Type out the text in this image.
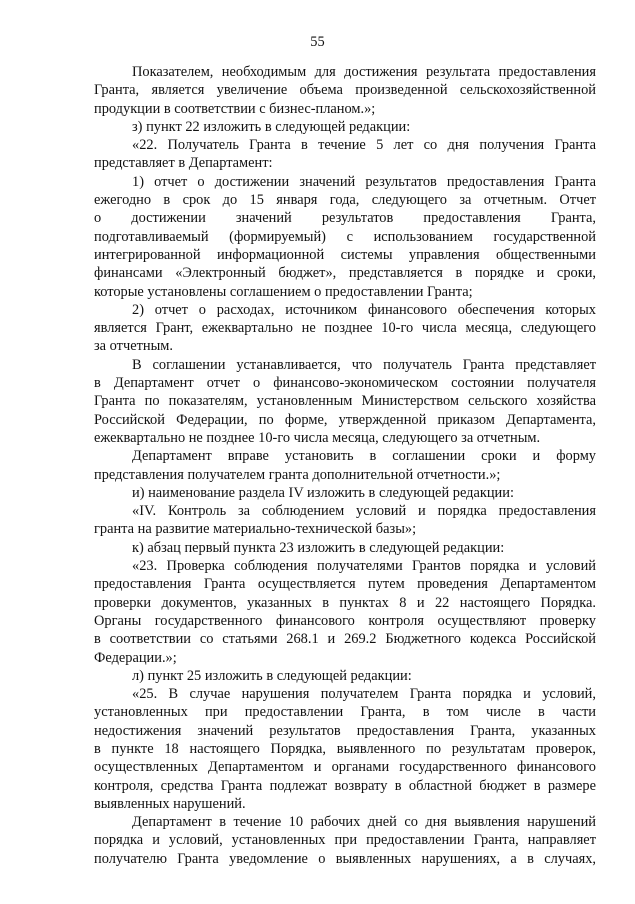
55
Показателем, необходимым для достижения результата предоставления
Гранта, является увеличение объема произведенной сельскохозяйственной
продукции в соответствии с бизнес-планом.»;
з) пункт 22 изложить в следующей редакции:
«22. Получатель Гранта в течение 5 лет со дня получения Гранта
представляет в Департамент:
1) отчет о достижении значений результатов предоставления Гранта
ежегодно в срок до 15 января года, следующего за отчетным. Отчет
о достижении значений результатов предоставления Гранта,
подготавливаемый (формируемый) с использованием государственной
интегрированной информационной системы управления общественными
финансами «Электронный бюджет», представляется в порядке и сроки,
которые установлены соглашением о предоставлении Гранта;
2) отчет о расходах, источником финансового обеспечения которых
является Грант, ежеквартально не позднее 10-го числа месяца, следующего
за отчетным.
В соглашении устанавливается, что получатель Гранта представляет
в Департамент отчет о финансово-экономическом состоянии получателя
Гранта по показателям, установленным Министерством сельского хозяйства
Российской Федерации, по форме, утвержденной приказом Департамента,
ежеквартально не позднее 10-го числа месяца, следующего за отчетным.
Департамент вправе установить в соглашении сроки и форму
представления получателем гранта дополнительной отчетности.»;
и) наименование раздела IV изложить в следующей редакции:
«IV. Контроль за соблюдением условий и порядка предоставления
гранта на развитие материально-технической базы»;
к) абзац первый пункта 23 изложить в следующей редакции:
«23. Проверка соблюдения получателями Грантов порядка и условий
предоставления Гранта осуществляется путем проведения Департаментом
проверки документов, указанных в пунктах 8 и 22 настоящего Порядка.
Органы государственного финансового контроля осуществляют проверку
в соответствии со статьями 268.1 и 269.2 Бюджетного кодекса Российской
Федерации.»;
л) пункт 25 изложить в следующей редакции:
«25. В случае нарушения получателем Гранта порядка и условий,
установленных при предоставлении Гранта, в том числе в части
недостижения значений результатов предоставления Гранта, указанных
в пункте 18 настоящего Порядка, выявленного по результатам проверок,
осуществленных Департаментом и органами государственного финансового
контроля, средства Гранта подлежат возврату в областной бюджет в размере
выявленных нарушений.
Департамент в течение 10 рабочих дней со дня выявления нарушений
порядка и условий, установленных при предоставлении Гранта, направляет
получателю Гранта уведомление о выявленных нарушениях, а в случаях,
